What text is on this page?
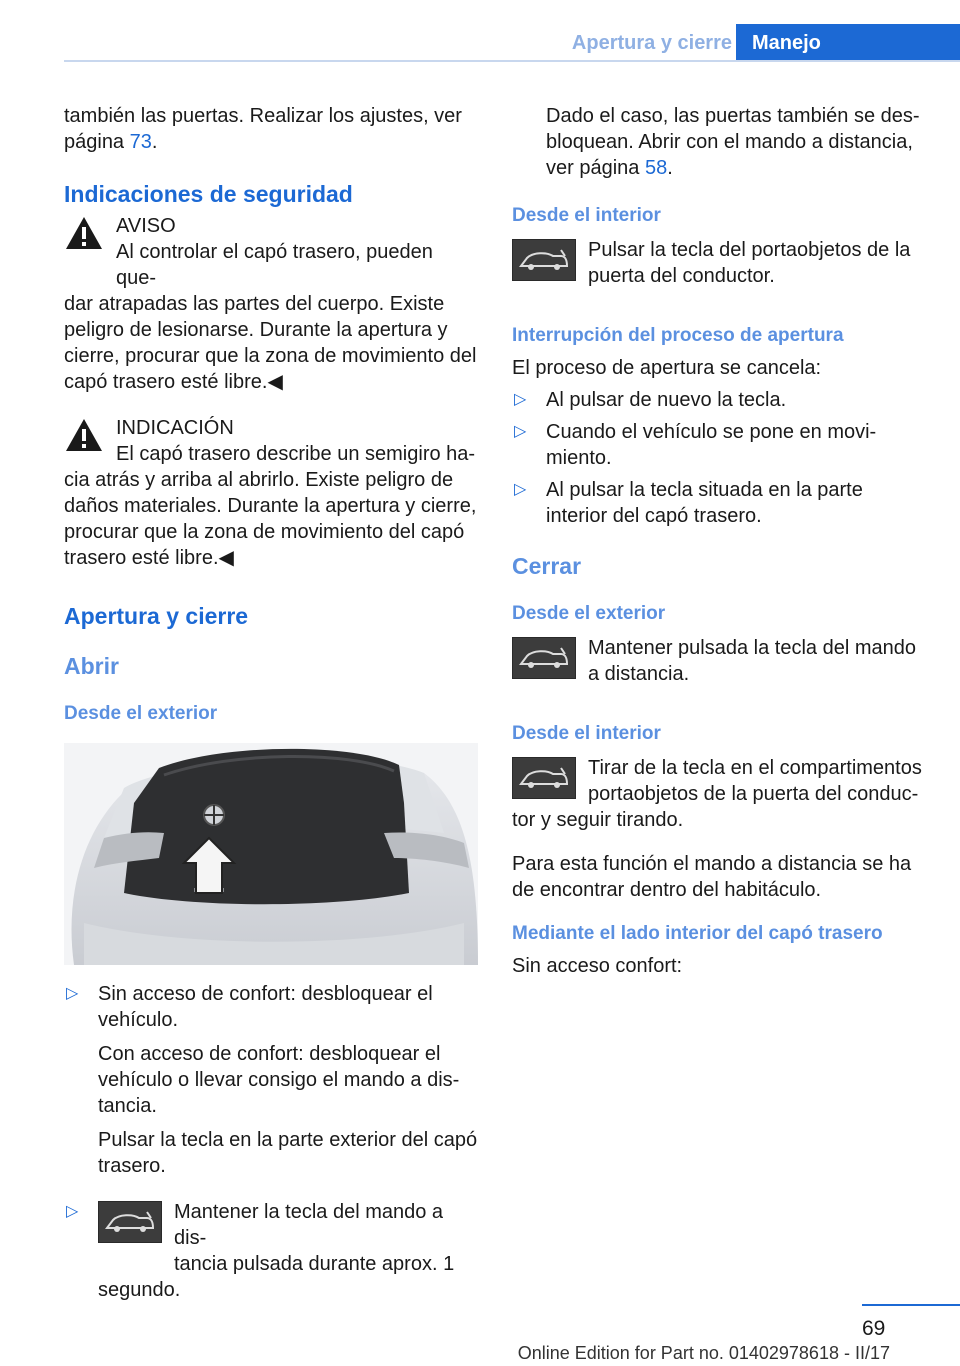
Apertura y cierre	Manejo

también las puertas. Realizar los ajustes, ver
página 73.

Indicaciones de seguridad

AVISO

Al controlar el capó trasero, pueden que-

dar atrapadas las partes del cuerpo. Existe peligro de lesionarse. Durante la apertura y cierre, procurar que la zona de movimiento del capó trasero esté libre.◀

INDICACIÓN

El capó trasero describe un semigiro ha-

cia atrás y arriba al abrirlo. Existe peligro de daños materiales. Durante la apertura y cierre, procurar que la zona de movimiento del capó trasero esté libre.◀

Apertura y cierre

Abrir

Desde el exterior

▷ Sin acceso de confort: desbloquear el vehículo.

Con acceso de confort: desbloquear el vehículo o llevar consigo el mando a distancia.

Pulsar la tecla en la parte exterior del capó trasero.

▷	Mantener la tecla del mando a dis-

tancia pulsada durante aprox. 1

segundo.

Dado el caso, las puertas también se des-

bloquean. Abrir con el mando a distancia,

ver página 58.

Desde el interior

Pulsar la tecla del portaobjetos de la puerta del conductor.

Interrupción del proceso de apertura

El proceso de apertura se cancela:

▷ Al pulsar de nuevo la tecla.

▷ Cuando el vehículo se pone en movimiento.

▷ Al pulsar la tecla situada en la parte interior del capó trasero.

Cerrar

Desde el exterior

Mantener pulsada la tecla del mando a distancia.

Desde el interior

Tirar de la tecla en el compartimentos

portaobjetos de la puerta del conduc-

tor y seguir tirando.

Para esta función el mando a distancia se ha de encontrar dentro del habitáculo.

Mediante el lado interior del capó trasero

Sin acceso confort:

69
Online Edition for Part no. 01402978618 - II/17
